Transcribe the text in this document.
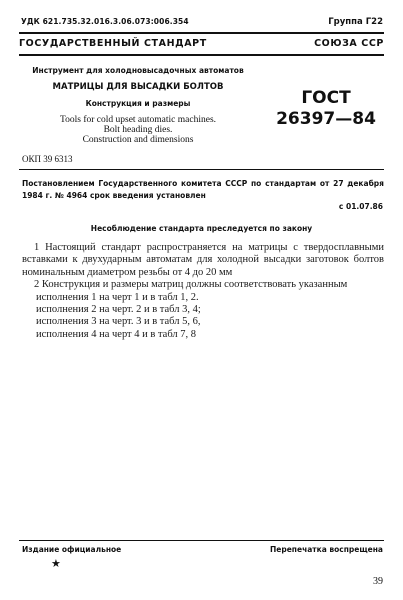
УДК 621.735.32.016.3.06.073:006.354	Группа Г22
ГОСУДАРСТВЕННЫЙ СТАНДАРТ	СОЮЗА ССР
Инструмент для холодновысадочных автоматов
МАТРИЦЫ ДЛЯ ВЫСАДКИ БОЛТОВ
Конструкция и размеры
Tools for cold upset automatic machines.
Bolt heading dies.
Construction and dimensions
ГОСТ
26397—84
ОКП 39 6313
Постановлением Государственного комитета СССР по стандартам от 27 декабря 1984 г. № 4964 срок введения установлен
с 01.07.86
Несоблюдение стандарта преследуется по закону
1 Настоящий стандарт распространяется на матрицы с твердосплавными вставками к двухударным автоматам для холодной высадки заготовок болтов номинальным диаметром резьбы от 4 до 20 мм
2 Конструкция и размеры матриц должны соответствовать указанным
исполнения 1 на черт 1 и в табл 1, 2.
исполнения 2 на черт. 2 и в табл 3, 4;
исполнения 3 на черт. 3 и в табл 5, 6,
исполнения 4 на черт 4 и в табл 7, 8
Издание официальное	Перепечатка воспрещена
★
39
